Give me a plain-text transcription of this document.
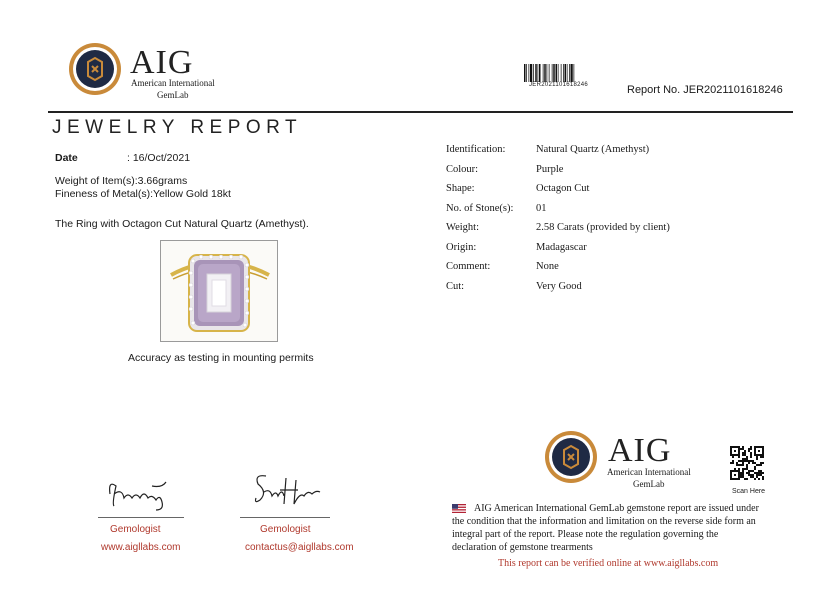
AIG
American International
GemLab
JER2021101618246	Report No. JER2021101618246
JEWELRY REPORT
Date	: 16/Oct/2021
Weight of Item(s):3.66grams
Fineness of Metal(s):Yellow Gold 18kt
The Ring with Octagon Cut Natural Quartz (Amethyst).
Accuracy as testing in mounting permits
Identification:	Natural Quartz (Amethyst)
Colour:	Purple
Shape:	Octagon Cut
No. of Stone(s): 01
Weight:	2.58 Carats (provided by client)
Origin:	Madagascar
Comment:	None
Cut:	Very Good
AIG
American International
GemLab
Scan Here
Gemologist
www.aigllabs.com
Gemologist
contactus@aigllabs.com
AIG American International GemLab gemstone report are issued under
the condition that the information and limitation on the reverse side form an
integral part of the report. Please note the regulation governing the
declaration of gemstone trearments
This report can be verified online at www.aigllabs.com
